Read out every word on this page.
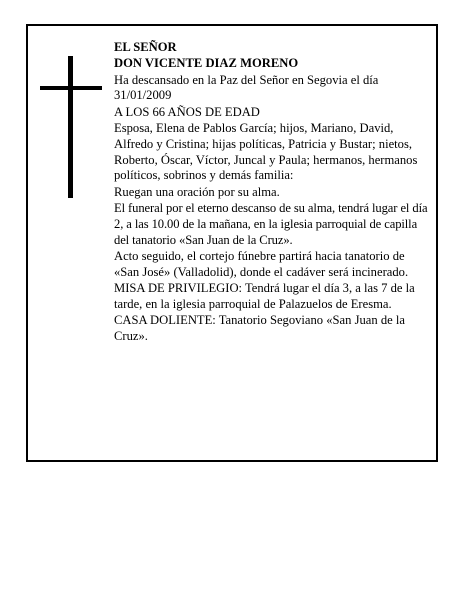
EL SEÑOR

DON VICENTE DIAZ MORENO

Ha descansado en la Paz del Señor en Segovia el día 31/01/2009

A LOS 66 AÑOS DE EDAD

Esposa, Elena de Pablos García; hijos, Mariano, David, Alfredo y Cristina; hijas políticas, Patricia y Bustar; nietos, Roberto, Óscar, Víctor, Juncal y Paula; hermanos, hermanos políticos, sobrinos y demás familia:

Ruegan una oración por su alma.

El funeral por el eterno descanso de su alma, tendrá lugar el día 2, a las 10.00 de la mañana, en la iglesia parroquial de capilla del tanatorio «San Juan de la Cruz».

Acto seguido, el cortejo fúnebre partirá hacia tanatorio de «San José» (Valladolid), donde el cadáver será incinerado.

MISA DE PRIVILEGIO: Tendrá lugar el día 3, a las 7 de la tarde, en la iglesia parroquial de Palazuelos de Eresma.

CASA DOLIENTE: Tanatorio Segoviano «San Juan de la Cruz».
